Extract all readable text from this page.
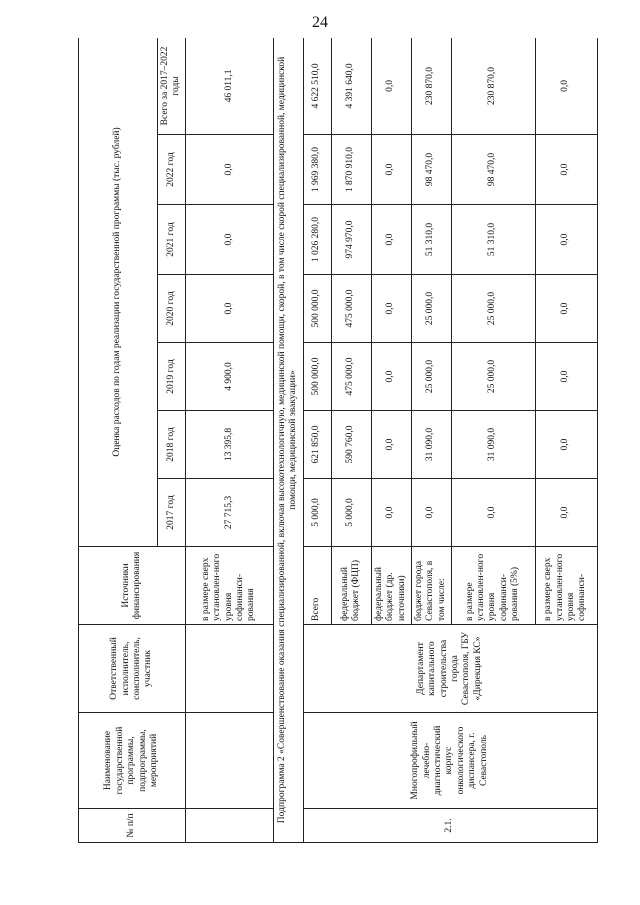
24
№ п/п	Наименование государственной программы, подпрограммы, мероприятий	Ответственный исполнитель, соисполнитель, участник	Источники финансирования	Оценка расходов по годам реализации государственной программы (тыс. рублей)						
				2017 год	2018 год	2019 год	2020 год	2021 год	2022 год	Всего за 2017–2022 годы
			в размере сверх установлен-ного уровня софинанси-рования	27 715,3	13 395,8	4 900,0	0,0	0,0	0,0	46 011,1
Подпрограмма 2 «Совершенствование оказания специализированной, включая высокотехнологичную, медицинской помощи, скорой, в том числе скорой специализированной, медицинской помощи, медицинской эвакуации»										
2.1.	Многопрофильный лечебно-диагностический корпус онкологического диспансера, г. Севастополь	Департамент капитального строительства города Севастополя, ГБУ «Дирекция КС»	Всего	5 000,0	621 850,0	500 000,0	500 000,0	1 026 280,0	1 969 380,0	4 622 510,0
			федеральный бюджет (ФЦП)	5 000,0	590 760,0	475 000,0	475 000,0	974 970,0	1 870 910,0	4 391 640,0
			федеральный бюджет (др. источники)	0,0	0,0	0,0	0,0	0,0	0,0	0,0
			бюджет города Севастополя, в том числе:	0,0	31 090,0	25 000,0	25 000,0	51 310,0	98 470,0	230 870,0
			в размере установлен-ного уровня софинанси-рования (5%)	0,0	31 090,0	25 000,0	25 000,0	51 310,0	98 470,0	230 870,0
			в размере сверх установлен-ного уровня софинанси-	0,0	0,0	0,0	0,0	0,0	0,0	0,0
